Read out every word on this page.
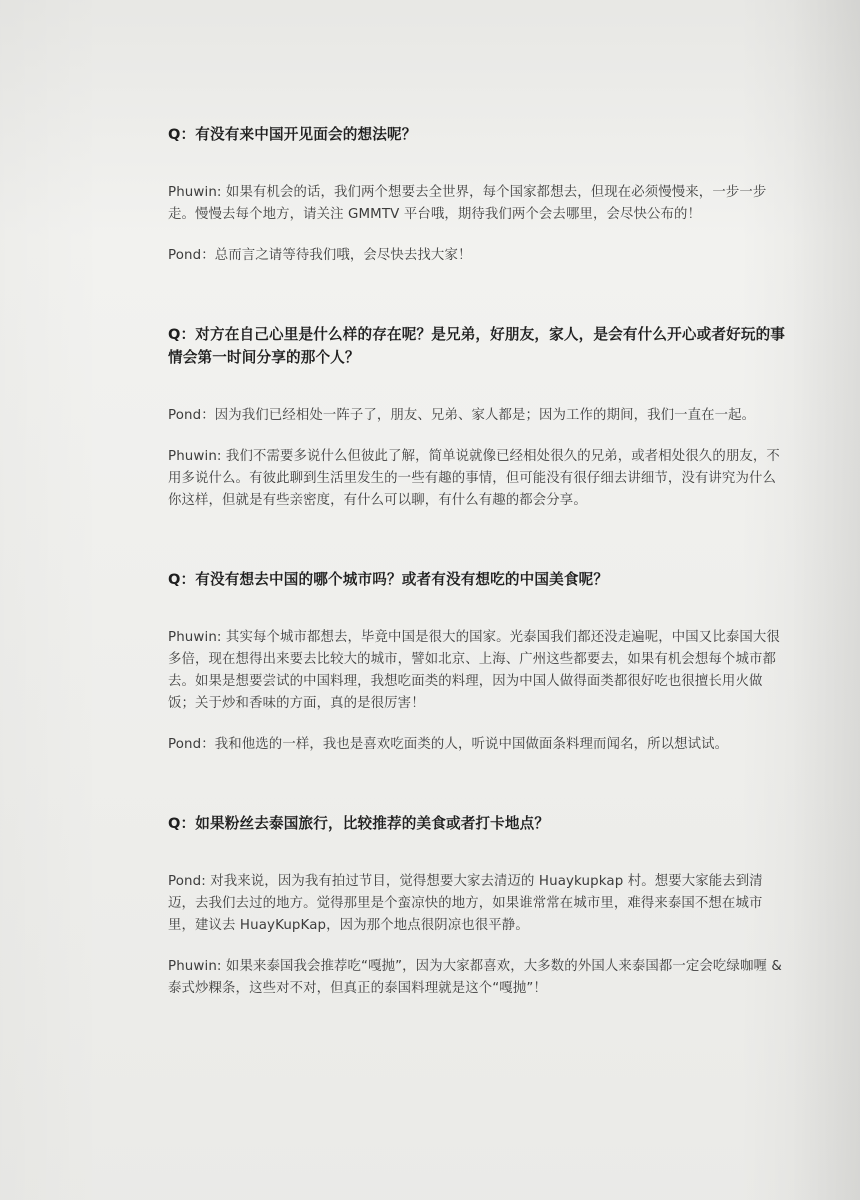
Q：有没有来中国开见面会的想法呢？

Phuwin: 如果有机会的话，我们两个想要去全世界，每个国家都想去，但现在必须慢慢来，一步一步走。慢慢去每个地方，请关注 GMMTV 平台哦，期待我们两个会去哪里，会尽快公布的！

Pond：总而言之请等待我们哦，会尽快去找大家！

Q：对方在自己心里是什么样的存在呢？是兄弟，好朋友，家人，是会有什么开心或者好玩的事情会第一时间分享的那个人？

Pond：因为我们已经相处一阵子了，朋友、兄弟、家人都是；因为工作的期间，我们一直在一起。

Phuwin: 我们不需要多说什么但彼此了解，简单说就像已经相处很久的兄弟，或者相处很久的朋友，不用多说什么。有彼此聊到生活里发生的一些有趣的事情，但可能没有很仔细去讲细节，没有讲究为什么你这样，但就是有些亲密度，有什么可以聊，有什么有趣的都会分享。

Q：有没有想去中国的哪个城市吗？或者有没有想吃的中国美食呢？

Phuwin: 其实每个城市都想去，毕竟中国是很大的国家。光泰国我们都还没走遍呢，中国又比泰国大很多倍，现在想得出来要去比较大的城市，譬如北京、上海、广州这些都要去，如果有机会想每个城市都去。如果是想要尝试的中国料理，我想吃面类的料理，因为中国人做得面类都很好吃也很擅长用火做饭；关于炒和香味的方面，真的是很厉害！

Pond：我和他选的一样，我也是喜欢吃面类的人，听说中国做面条料理而闻名，所以想试试。

Q：如果粉丝去泰国旅行，比较推荐的美食或者打卡地点？

Pond: 对我来说，因为我有拍过节目，觉得想要大家去清迈的 Huaykupkap 村。想要大家能去到清迈，去我们去过的地方。觉得那里是个蛮凉快的地方，如果谁常常在城市里，难得来泰国不想在城市里，建议去 HuayKupKap，因为那个地点很阴凉也很平静。

Phuwin: 如果来泰国我会推荐吃“嘎抛”，因为大家都喜欢，大多数的外国人来泰国都一定会吃绿咖喱 & 泰式炒粿条，这些对不对，但真正的泰国料理就是这个“嘎抛”！
